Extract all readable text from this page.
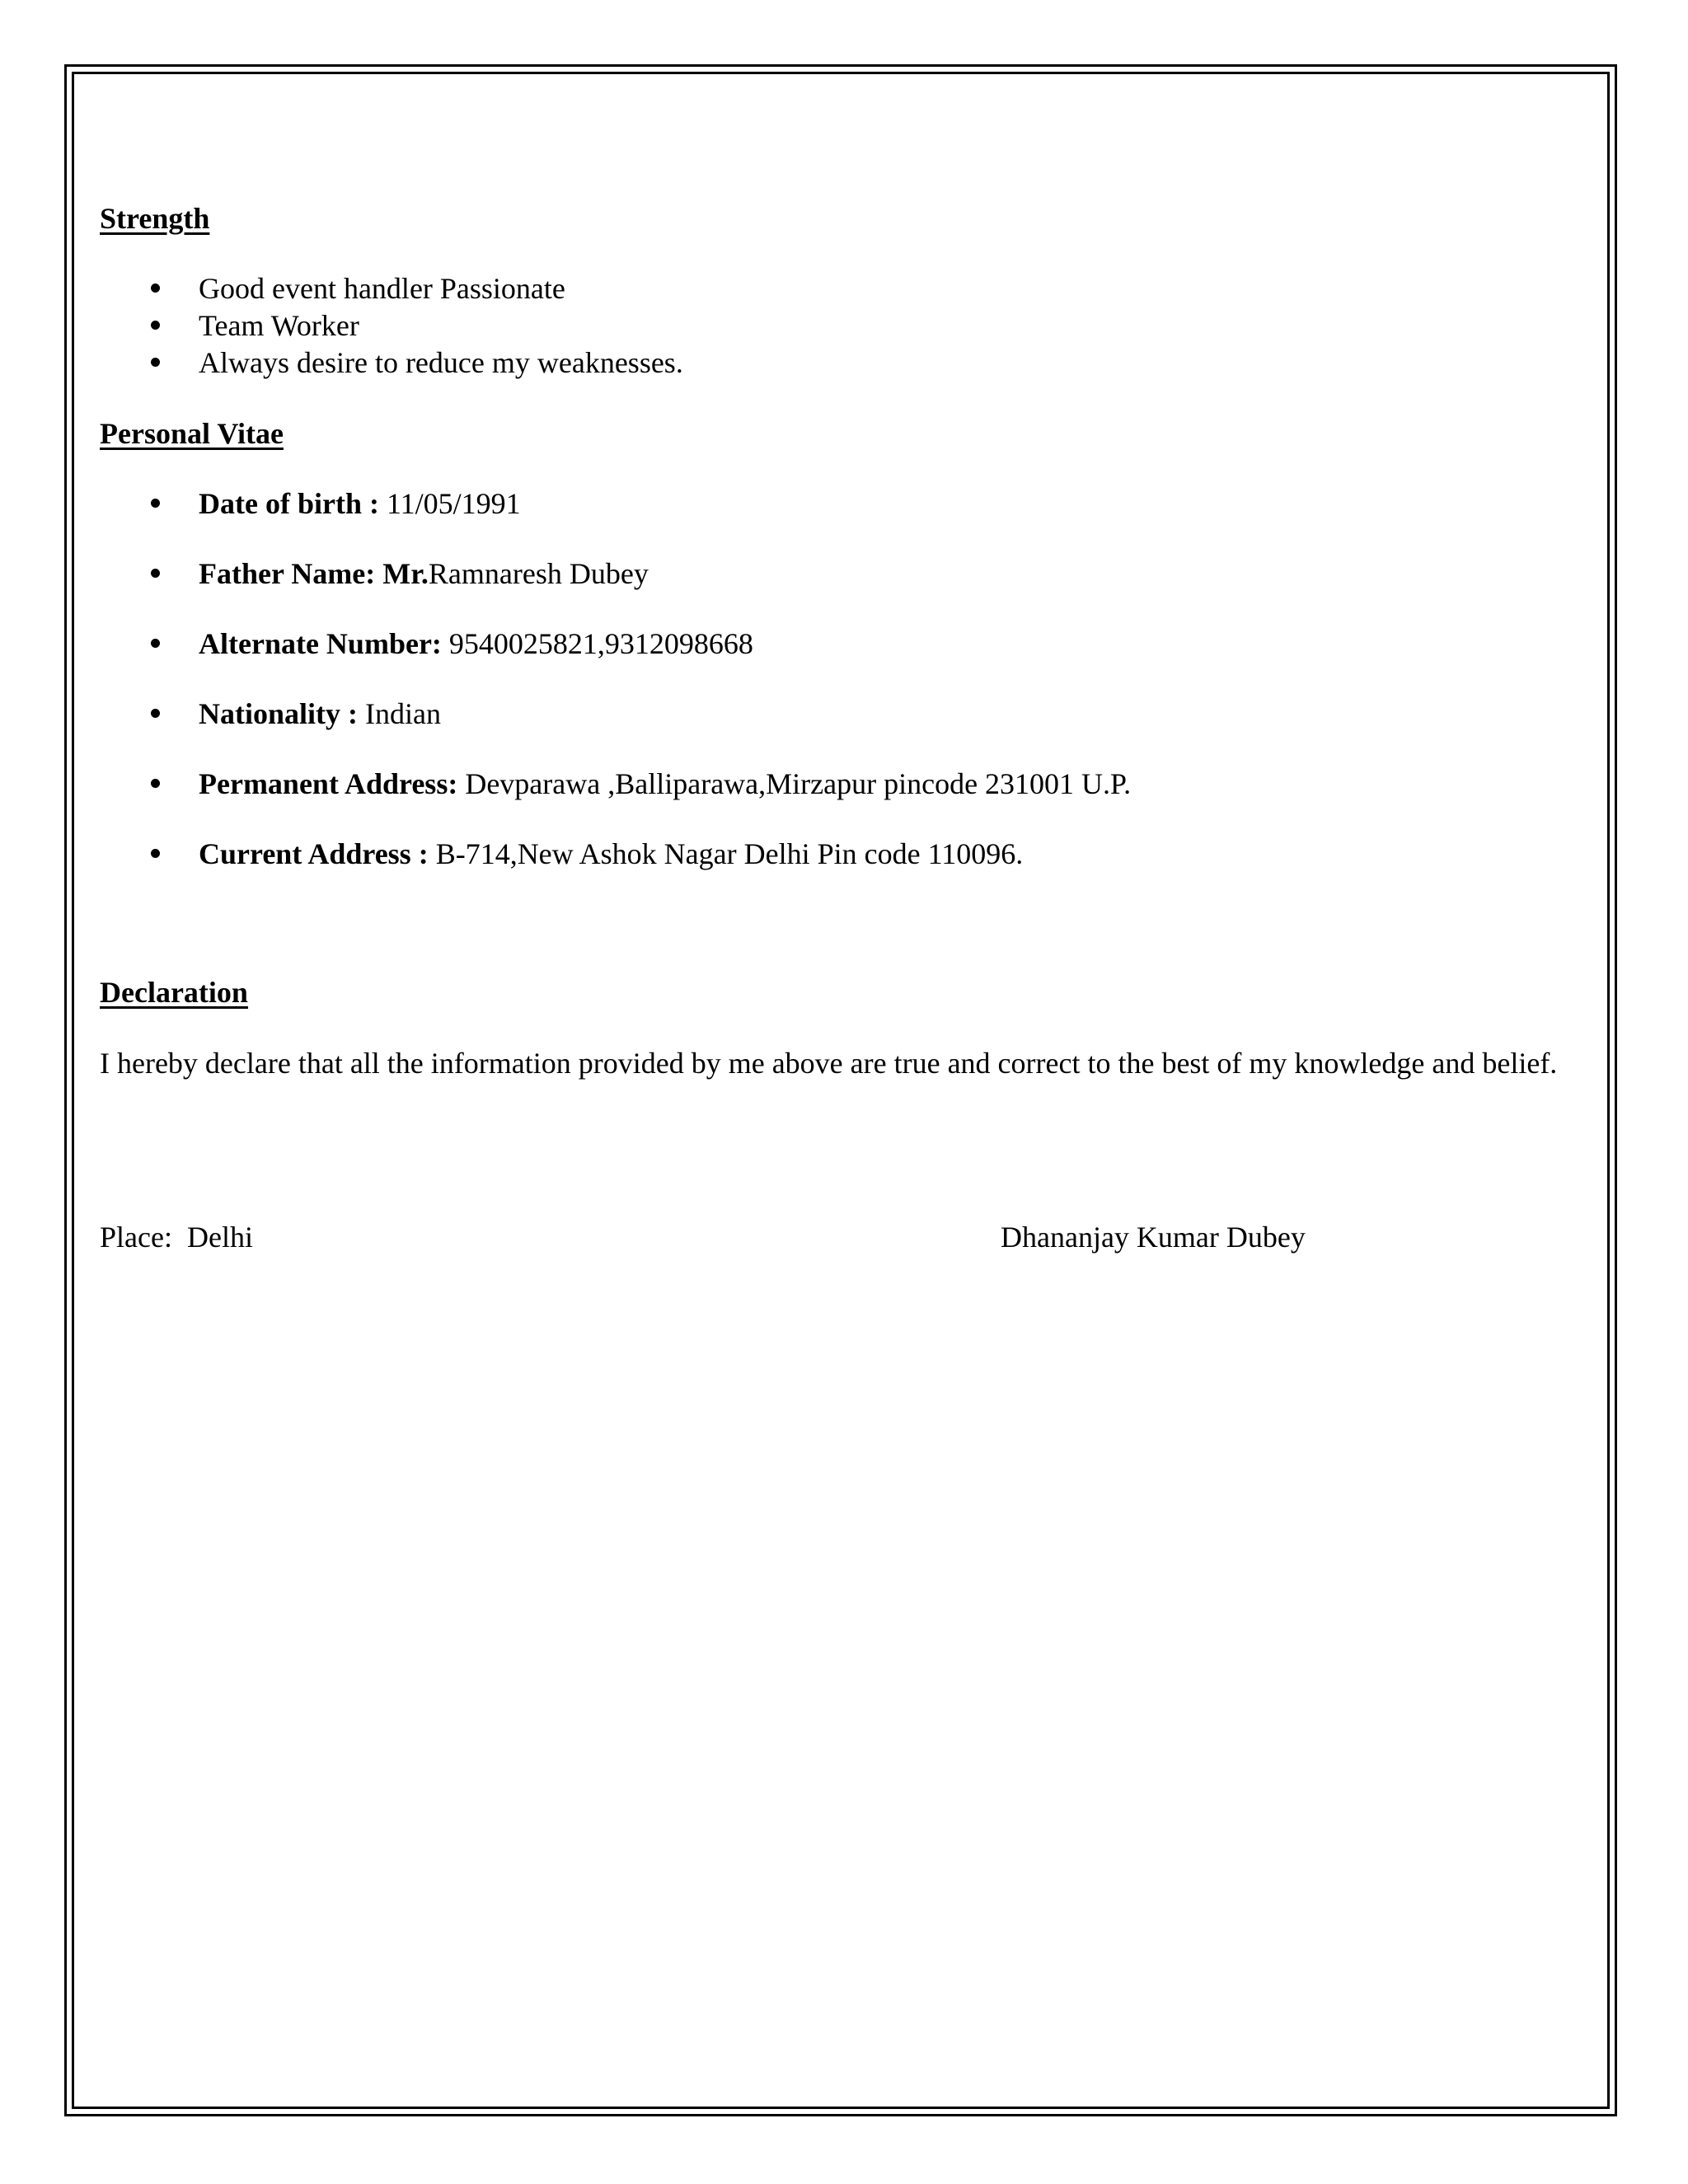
Strength
Good event handler Passionate
Team Worker
Always desire to reduce my weaknesses.
Personal Vitae
Date of birth : 11/05/1991
Father Name: Mr.Ramnaresh Dubey
Alternate Number: 9540025821,9312098668
Nationality : Indian
Permanent Address: Devparawa ,Balliparawa,Mirzapur pincode 231001 U.P.
Current Address : B-714,New Ashok Nagar Delhi Pin code 110096.
Declaration

I hereby declare that all the information provided by me above are true and correct to the best of my knowledge and belief.

Place:  Delhi	Dhananjay Kumar Dubey
